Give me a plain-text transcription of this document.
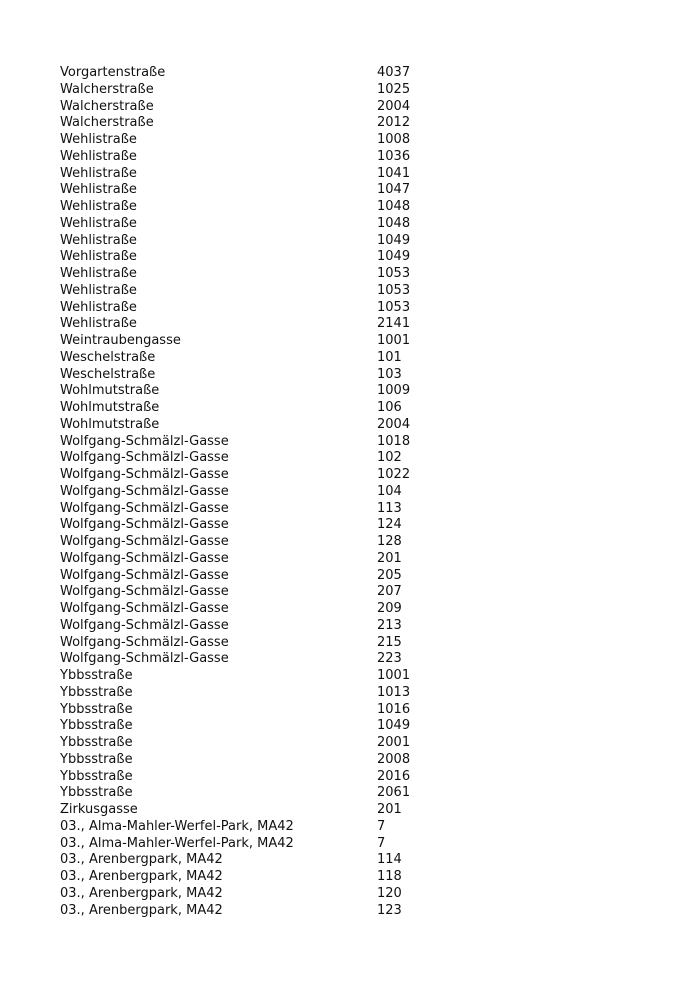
Vorgartenstraße	4037
Walcherstraße	1025
Walcherstraße	2004
Walcherstraße	2012
Wehlistraße	1008
Wehlistraße	1036
Wehlistraße	1041
Wehlistraße	1047
Wehlistraße	1048
Wehlistraße	1048
Wehlistraße	1049
Wehlistraße	1049
Wehlistraße	1053
Wehlistraße	1053
Wehlistraße	1053
Wehlistraße	2141
Weintraubengasse	1001
Weschelstraße	101
Weschelstraße	103
Wohlmutstraße	1009
Wohlmutstraße	106
Wohlmutstraße	2004
Wolfgang-Schmälzl-Gasse	1018
Wolfgang-Schmälzl-Gasse	102
Wolfgang-Schmälzl-Gasse	1022
Wolfgang-Schmälzl-Gasse	104
Wolfgang-Schmälzl-Gasse	113
Wolfgang-Schmälzl-Gasse	124
Wolfgang-Schmälzl-Gasse	128
Wolfgang-Schmälzl-Gasse	201
Wolfgang-Schmälzl-Gasse	205
Wolfgang-Schmälzl-Gasse	207
Wolfgang-Schmälzl-Gasse	209
Wolfgang-Schmälzl-Gasse	213
Wolfgang-Schmälzl-Gasse	215
Wolfgang-Schmälzl-Gasse	223
Ybbsstraße	1001
Ybbsstraße	1013
Ybbsstraße	1016
Ybbsstraße	1049
Ybbsstraße	2001
Ybbsstraße	2008
Ybbsstraße	2016
Ybbsstraße	2061
Zirkusgasse	201
03., Alma-Mahler-Werfel-Park, MA42	7
03., Alma-Mahler-Werfel-Park, MA42	7
03., Arenbergpark, MA42	114
03., Arenbergpark, MA42	118
03., Arenbergpark, MA42	120
03., Arenbergpark, MA42	123
